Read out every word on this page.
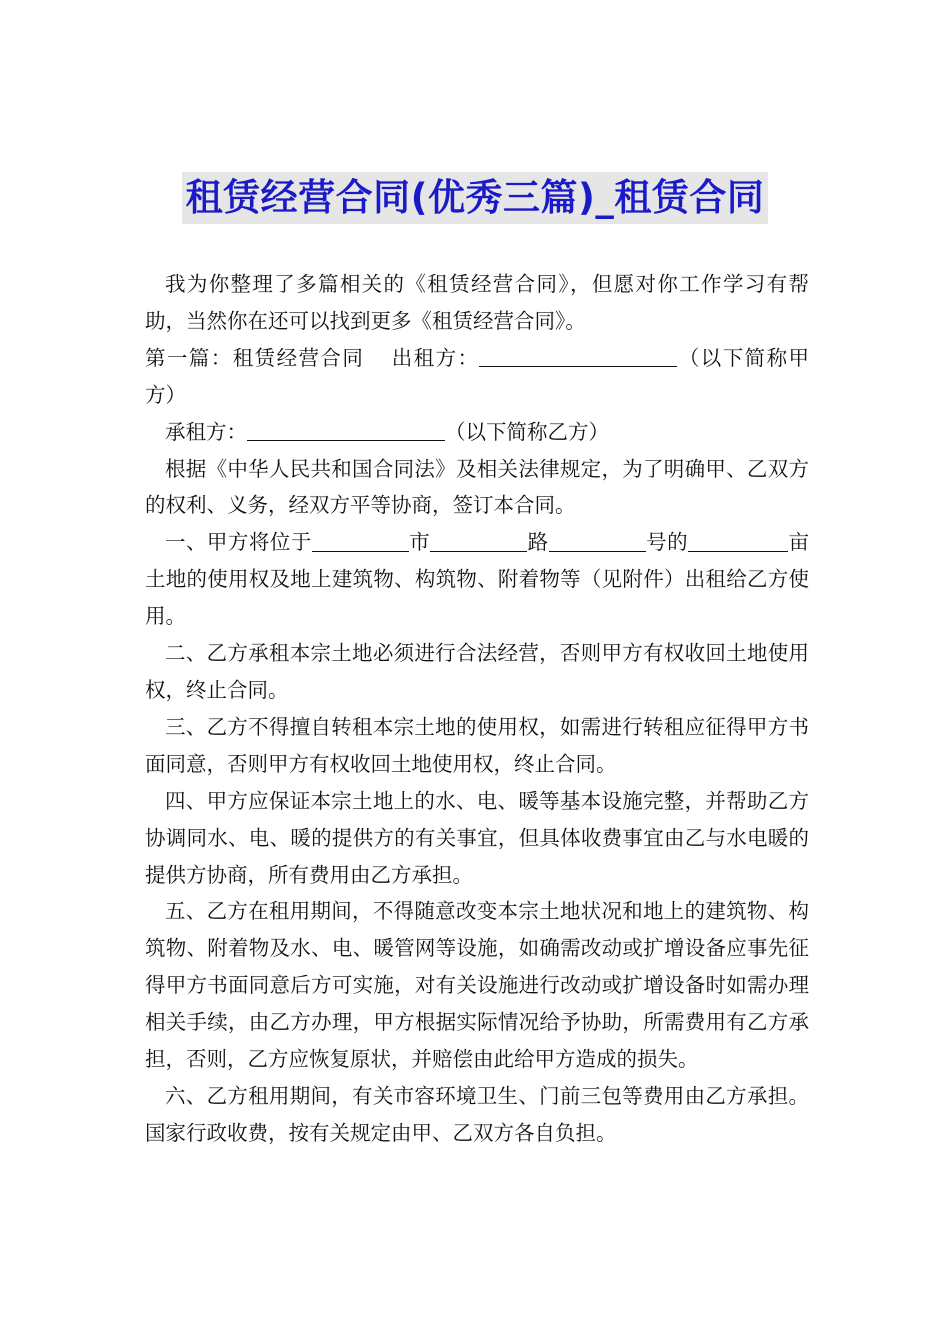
租赁经营合同(优秀三篇)_租赁合同

我为你整理了多篇相关的《租赁经营合同》，但愿对你工作学习有帮助，当然你在还可以找到更多《租赁经营合同》。

第一篇：租赁经营合同 出租方：	（以下简称甲方）

承租方：	（以下简称乙方）

根据《中华人民共和国合同法》及相关法律规定，为了明确甲、乙双方的权利、义务，经双方平等协商，签订本合同。

一、甲方将位于	市	路	号的	亩土地的使用权及地上建筑物、构筑物、附着物等（见附件）出租给乙方使用。

二、乙方承租本宗土地必须进行合法经营，否则甲方有权收回土地使用权，终止合同。

三、乙方不得擅自转租本宗土地的使用权，如需进行转租应征得甲方书面同意，否则甲方有权收回土地使用权，终止合同。

四、甲方应保证本宗土地上的水、电、暖等基本设施完整，并帮助乙方协调同水、电、暖的提供方的有关事宜，但具体收费事宜由乙与水电暖的提供方协商，所有费用由乙方承担。

五、乙方在租用期间，不得随意改变本宗土地状况和地上的建筑物、构筑物、附着物及水、电、暖管网等设施，如确需改动或扩增设备应事先征得甲方书面同意后方可实施，对有关设施进行改动或扩增设备时如需办理相关手续，由乙方办理，甲方根据实际情况给予协助，所需费用有乙方承担，否则，乙方应恢复原状，并赔偿由此给甲方造成的损失。

六、乙方租用期间，有关市容环境卫生、门前三包等费用由乙方承担。国家行政收费，按有关规定由甲、乙双方各自负担。
